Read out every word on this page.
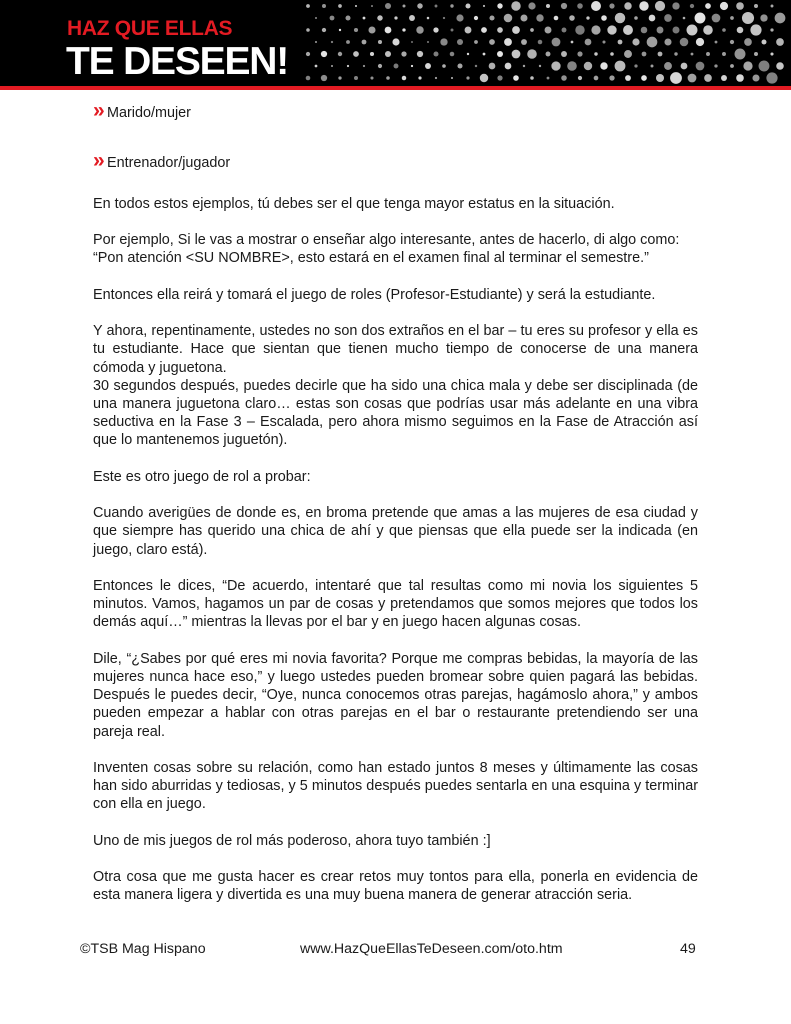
HAZ QUE ELLAS
TE DESEEN!
» Marido/mujer
» Entrenador/jugador

En todos estos ejemplos, tú debes ser el que tenga mayor estatus en la situación.

Por ejemplo, Si le vas a mostrar o enseñar algo interesante, antes de hacerlo, di algo como:

“Pon atención <SU NOMBRE>, esto estará en el examen final al terminar el semestre.”

Entonces ella reirá y tomará el juego de roles (Profesor-Estudiante) y será la estudiante.

Y ahora, repentinamente, ustedes no son dos extraños en el bar – tu eres su profesor y ella es tu estudiante. Hace que sientan que tienen mucho tiempo de conocerse de una manera cómoda y juguetona.

30 segundos después, puedes decirle que ha sido una chica mala y debe ser disciplinada (de una manera juguetona claro… estas son cosas que podrías usar más adelante en una vibra seductiva en la Fase 3 – Escalada, pero ahora mismo seguimos en la Fase de Atracción así que lo mantenemos juguetón).

Este es otro juego de rol a probar:

Cuando averigües de donde es, en broma pretende que amas a las mujeres de esa ciudad y que siempre has querido una chica de ahí y que piensas que ella puede ser la indicada (en juego, claro está).

Entonces le dices, “De acuerdo, intentaré que tal resultas como mi novia los siguientes 5 minutos. Vamos, hagamos un par de cosas y pretendamos que somos mejores que todos los demás aquí…” mientras la llevas por el bar y en juego hacen algunas cosas.

Dile, “¿Sabes por qué eres mi novia favorita? Porque me compras bebidas, la mayoría de las mujeres nunca hace eso,” y luego ustedes pueden bromear sobre quien pagará las bebidas. Después le puedes decir, “Oye, nunca conocemos otras parejas, hagámoslo ahora,” y ambos pueden empezar a hablar con otras parejas en el bar o restaurante pretendiendo ser una pareja real.

Inventen cosas sobre su relación, como han estado juntos 8 meses y últimamente las cosas han sido aburridas y tediosas, y 5 minutos después puedes sentarla en una esquina y terminar con ella en juego.

Uno de mis juegos de rol más poderoso, ahora tuyo también :]

Otra cosa que me gusta hacer es crear retos muy tontos para ella, ponerla en evidencia de esta manera ligera y divertida es una muy buena manera de generar atracción seria.

©TSB Mag Hispano	www.HazQueEllasTeDeseen.com/oto.htm	49
